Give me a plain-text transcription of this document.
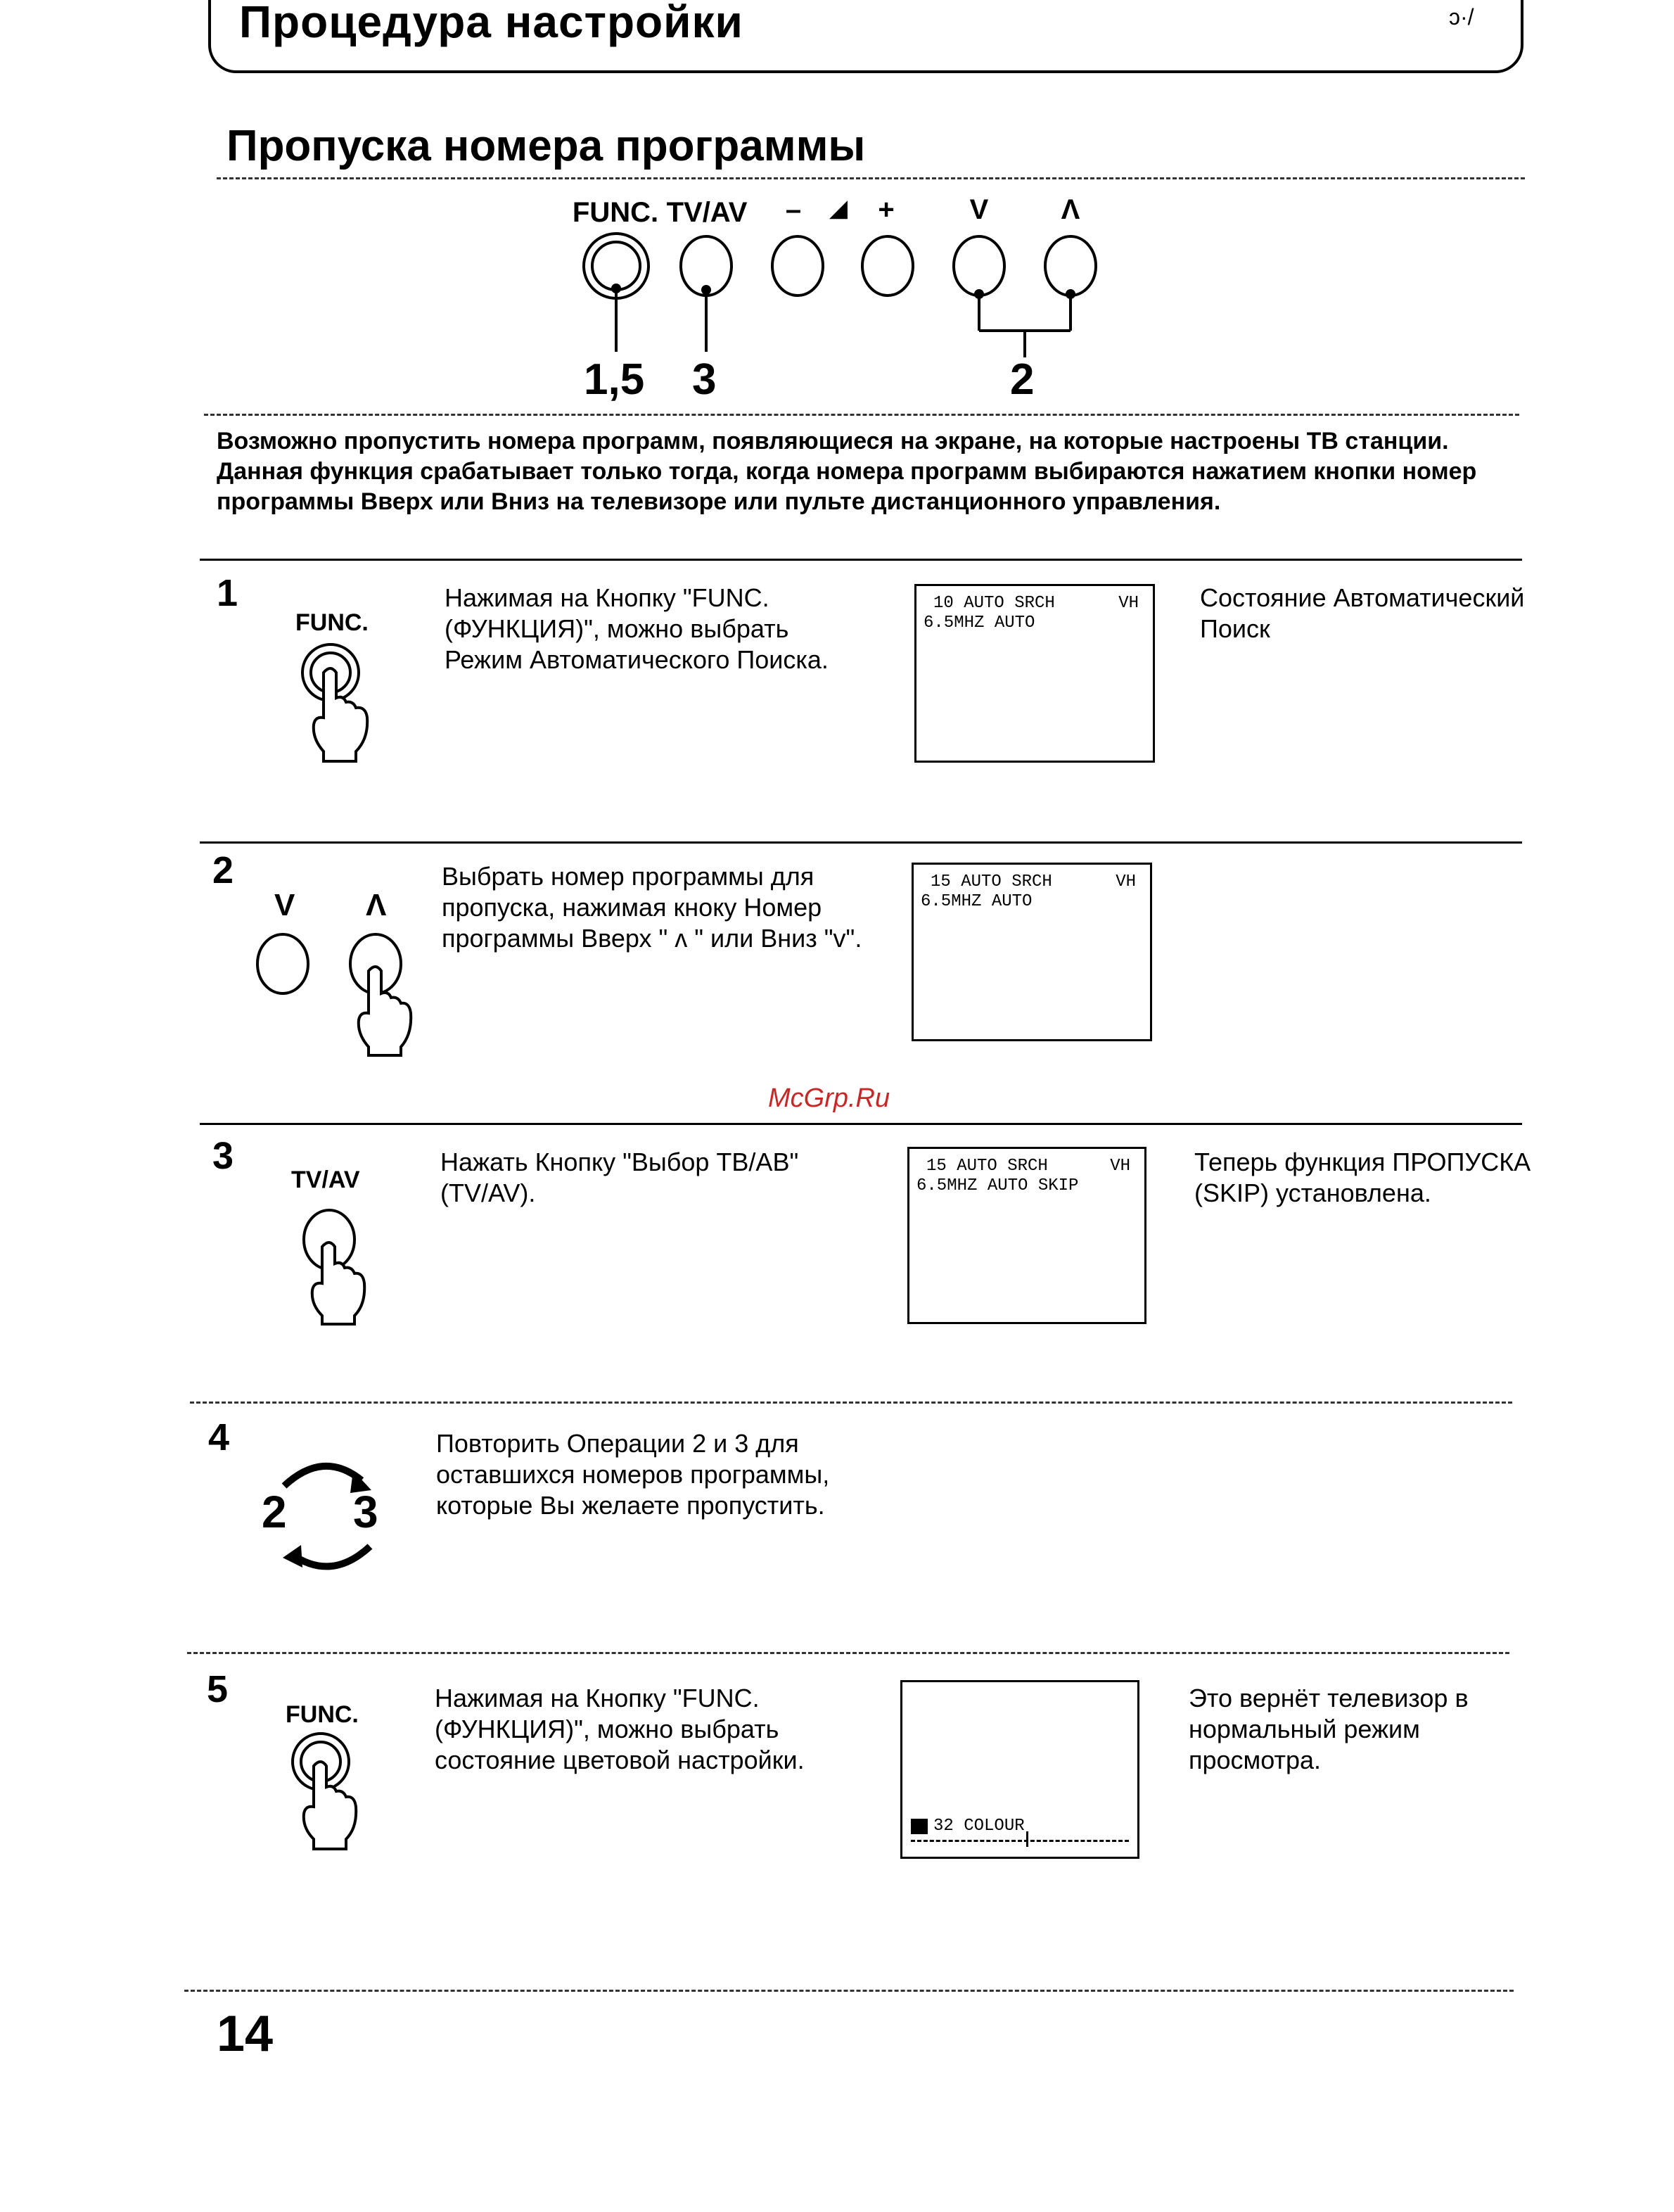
Процедура настройки	ↄ·/
Пропуска номера программы
FUNC. TV/AV – ◢ +	V	Λ
1,5 3	2
Возможно пропустить номера программ, появляющиеся на экране, на которые настроены ТВ станции. Данная функция срабатывает только тогда, когда номера программ выбираются нажатием кнопки номер программы Вверх или Вниз на телевизоре или пульте дистанционного управления.
1
FUNC.
Нажимая на Кнопку "FUNC. (ФУНКЦИЯ)", можно выбрать Режим Автоматического Поиска.
10 AUTO SRCH	VH
6.5MHZ AUTO
Состояние Автоматический Поиск
2
V Λ
Выбрать номер программы для пропуска, нажимая кноку Номер программы Вверх " ʌ " или Вниз "v".
15 AUTO SRCH	VH
6.5MHZ AUTO
McGrp.Ru
3
TV/AV
Нажать Кнопку "Выбор ТВ/АВ" (TV/AV).
15 AUTO SRCH	VH
6.5MHZ AUTO SKIP
Теперь функция ПРОПУСКА (SKIP) установлена.
4
2 3
Повторить Операции 2 и 3 для оставшихся номеров программы, которые Вы желаете пропустить.
5
FUNC.
Нажимая на Кнопку "FUNC. (ФУНКЦИЯ)", можно выбрать состояние цветовой настройки.
32 COLOUR
Это вернёт телевизор в нормальный режим просмотра.
14
